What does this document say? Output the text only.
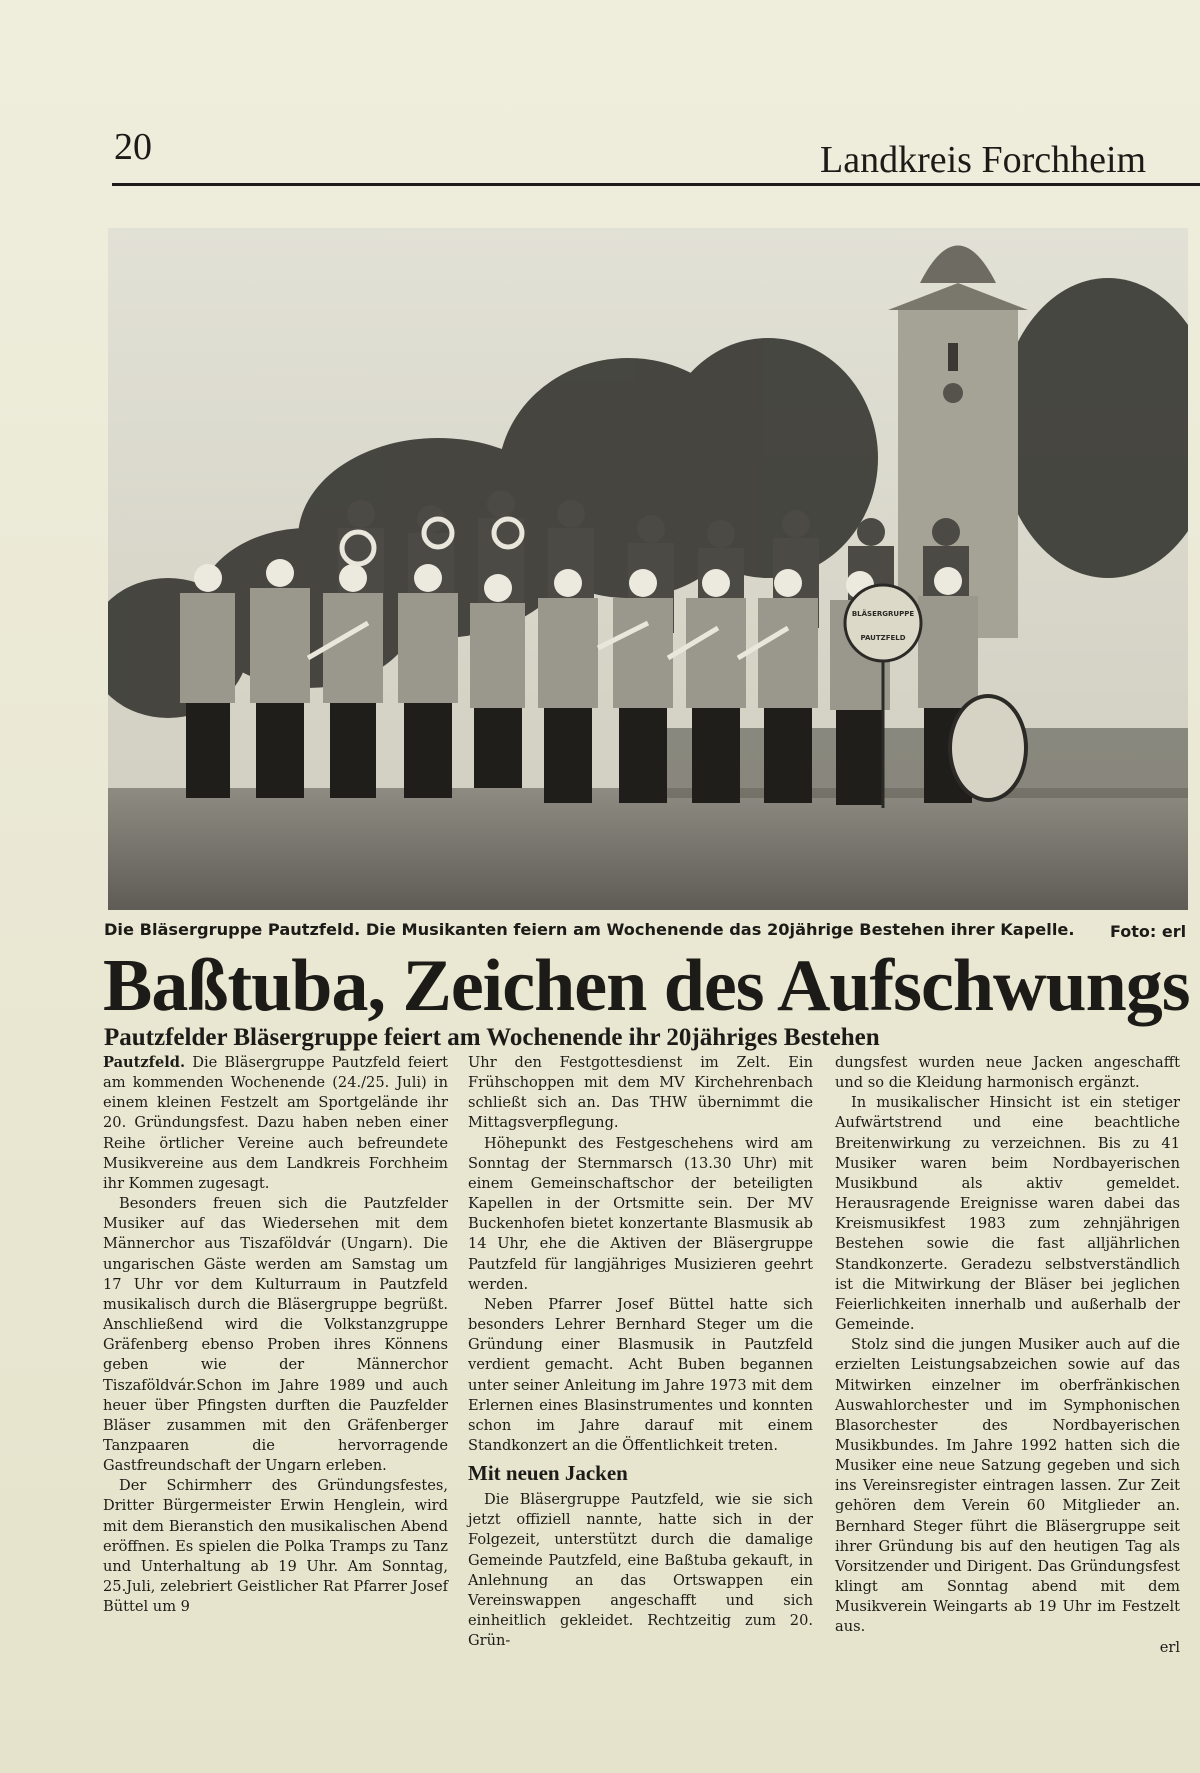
20	Landkreis Forchheim
BLÄSERGRUPPE
PAUTZFELD
Die Bläsergruppe Pautzfeld. Die Musikanten feiern am Wochenende das 20jährige Bestehen ihrer Kapelle. Foto: erl
Baßtuba, Zeichen des Aufschwungs
Pautzfelder Bläsergruppe feiert am Wochenende ihr 20jähriges Bestehen

Pautzfeld. Die Bläsergruppe Pautzfeld feiert am kommenden Wochenende (24./25. Juli) in einem kleinen Festzelt am Sportgelände ihr 20. Gründungsfest. Dazu haben neben einer Reihe örtlicher Vereine auch befreundete Musikvereine aus dem Landkreis Forchheim ihr Kommen zugesagt.

Besonders freuen sich die Pautzfelder Musiker auf das Wiedersehen mit dem Männerchor aus Tiszaföldvár (Ungarn). Die ungarischen Gäste werden am Samstag um 17 Uhr vor dem Kulturraum in Pautzfeld musikalisch durch die Bläsergruppe begrüßt. Anschließend wird die Volkstanzgruppe Gräfenberg ebenso Proben ihres Könnens geben wie der Männerchor Tiszaföldvár.Schon im Jahre 1989 und auch heuer über Pfingsten durften die Pauzfelder Bläser zusammen mit den Gräfenberger Tanzpaaren die hervorragende Gastfreundschaft der Ungarn erleben.

Der Schirmherr des Gründungsfestes, Dritter Bürgermeister Erwin Henglein, wird mit dem Bieranstich den musikalischen Abend eröffnen. Es spielen die Polka Tramps zu Tanz und Unterhaltung ab 19 Uhr. Am Sonntag, 25.Juli, zelebriert Geistlicher Rat Pfarrer Josef Büttel um 9

Uhr den Festgottesdienst im Zelt. Ein Frühschoppen mit dem MV Kirchehrenbach schließt sich an. Das THW übernimmt die Mittagsverpflegung.

Höhepunkt des Festgeschehens wird am Sonntag der Sternmarsch (13.30 Uhr) mit einem Gemeinschaftschor der beteiligten Kapellen in der Ortsmitte sein. Der MV Buckenhofen bietet konzertante Blasmusik ab 14 Uhr, ehe die Aktiven der Bläsergruppe Pautzfeld für langjähriges Musizieren geehrt werden.

Neben Pfarrer Josef Büttel hatte sich besonders Lehrer Bernhard Steger um die Gründung einer Blasmusik in Pautzfeld verdient gemacht. Acht Buben begannen unter seiner Anleitung im Jahre 1973 mit dem Erlernen eines Blasinstrumentes und konnten schon im Jahre darauf mit einem Standkonzert an die Öffentlichkeit treten.

Mit neuen Jacken

Die Bläsergruppe Pautzfeld, wie sie sich jetzt offiziell nannte, hatte sich in der Folgezeit, unterstützt durch die damalige Gemeinde Pautzfeld, eine Baßtuba gekauft, in Anlehnung an das Ortswappen ein Vereinswappen angeschafft und sich einheitlich gekleidet. Rechtzeitig zum 20. Grün-

dungsfest wurden neue Jacken angeschafft und so die Kleidung harmonisch ergänzt.

In musikalischer Hinsicht ist ein stetiger Aufwärtstrend und eine beachtliche Breitenwirkung zu verzeichnen. Bis zu 41 Musiker waren beim Nordbayerischen Musikbund als aktiv gemeldet. Herausragende Ereignisse waren dabei das Kreismusikfest 1983 zum zehnjährigen Bestehen sowie die fast alljährlichen Standkonzerte. Geradezu selbstverständlich ist die Mitwirkung der Bläser bei jeglichen Feierlichkeiten innerhalb und außerhalb der Gemeinde.

Stolz sind die jungen Musiker auch auf die erzielten Leistungsabzeichen sowie auf das Mitwirken einzelner im oberfränkischen Auswahlorchester und im Symphonischen Blasorchester des Nordbayerischen Musikbundes. Im Jahre 1992 hatten sich die Musiker eine neue Satzung gegeben und sich ins Vereinsregister eintragen lassen. Zur Zeit gehören dem Verein 60 Mitglieder an. Bernhard Steger führt die Bläsergruppe seit ihrer Gründung bis auf den heutigen Tag als Vorsitzender und Dirigent. Das Gründungsfest klingt am Sonntag abend mit dem Musikverein Weingarts ab 19 Uhr im Festzelt aus.

erl
